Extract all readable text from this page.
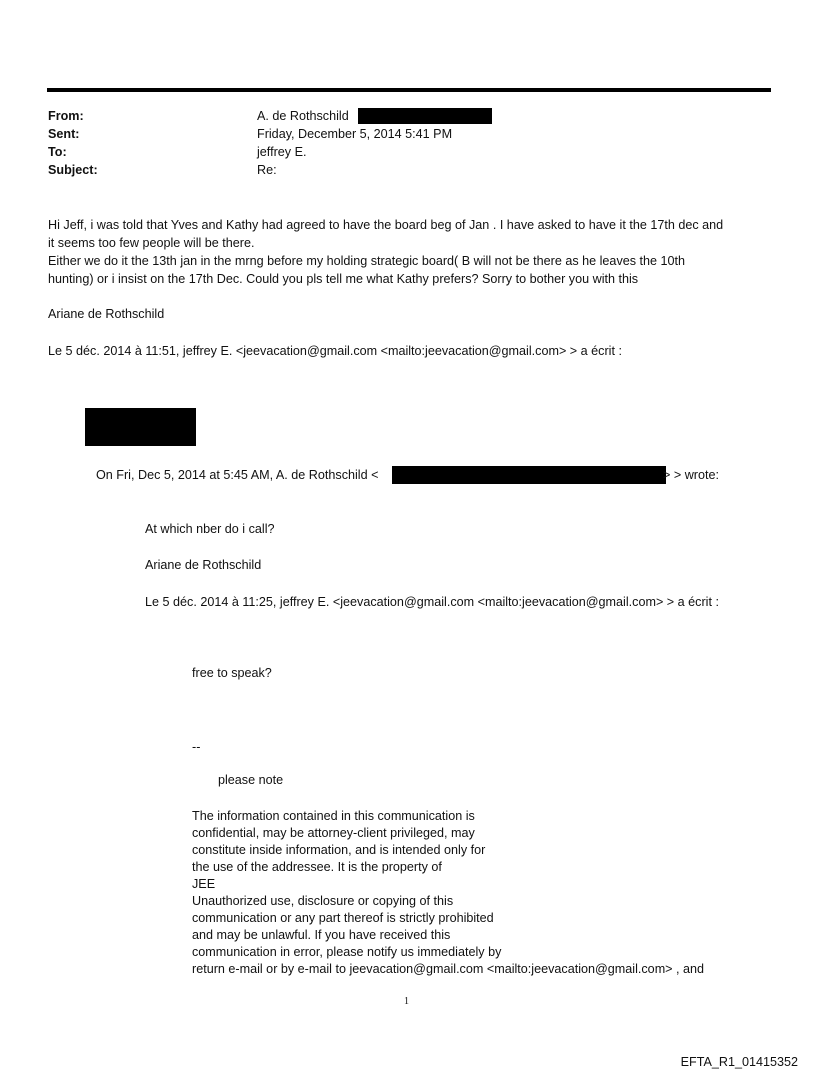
From:	A. de Rothschild
Sent:	Friday, December 5, 2014 5:41 PM
To:	jeffrey E.
Subject:	Re:
Hi Jeff, i was told that Yves and Kathy had agreed to have the board beg of Jan . I have asked to have it the 17th dec and
it seems too few people will be there.
Either we do it the 13th jan in the mrng before my holding strategic board( B will not be there as he leaves the 10th
hunting) or i insist on the 17th Dec. Could you pls tell me what Kathy prefers? Sorry to bother you with this
Ariane de Rothschild
Le 5 déc. 2014 à 11:51, jeffrey E. <jeevacation@gmail.com <mailto:jeevacation@gmail.com> > a écrit :
On Fri, Dec 5, 2014 at 5:45 AM, A. de Rothschild <	> > wrote:
At which nber do i call?
Ariane de Rothschild
Le 5 déc. 2014 à 11:25, jeffrey E. <jeevacation@gmail.com <mailto:jeevacation@gmail.com> > a écrit :
free to speak?
--
please note
The information contained in this communication is
confidential, may be attorney-client privileged, may
constitute inside information, and is intended only for
the use of the addressee. It is the property of
JEE
Unauthorized use, disclosure or copying of this
communication or any part thereof is strictly prohibited
and may be unlawful. If you have received this
communication in error, please notify us immediately by
return e-mail or by e-mail to jeevacation@gmail.com <mailto:jeevacation@gmail.com> , and
1
EFTA_R1_01415352
